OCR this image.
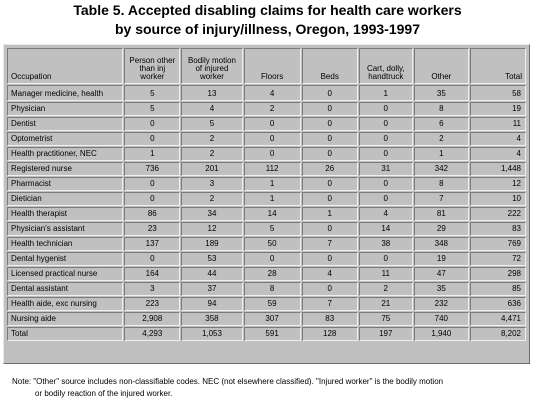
Table 5. Accepted disabling claims for health care workers
by source of injury/illness, Oregon, 1993-1997
Occupation	Person other than inj worker	Bodily motion of injured worker	Floors	Beds	Cart, dolly, handtruck	Other	Total
Manager medicine, health	5	13	4	0	1	35	58
Physician	5	4	2	0	0	8	19
Dentist	0	5	0	0	0	6	11
Optometrist	0	2	0	0	0	2	4
Health practitioner, NEC	1	2	0	0	0	1	4
Registered nurse	736	201	112	26	31	342	1,448
Pharmacist	0	3	1	0	0	8	12
Dietician	0	2	1	0	0	7	10
Health therapist	86	34	14	1	4	81	222
Physician's assistant	23	12	5	0	14	29	83
Health technician	137	189	50	7	38	348	769
Dental hygenist	0	53	0	0	0	19	72
Licensed practical nurse	164	44	28	4	11	47	298
Dental assistant	3	37	8	0	2	35	85
Health aide, exc nursing	223	94	59	7	21	232	636
Nursing aide	2,908	358	307	83	75	740	4,471
Total	4,293	1,053	591	128	197	1,940	8,202
Note: "Other" source includes non-classifiable codes. NEC (not elsewhere classified). "Injured worker" is the bodily motion
or bodily reaction of the injured worker.
